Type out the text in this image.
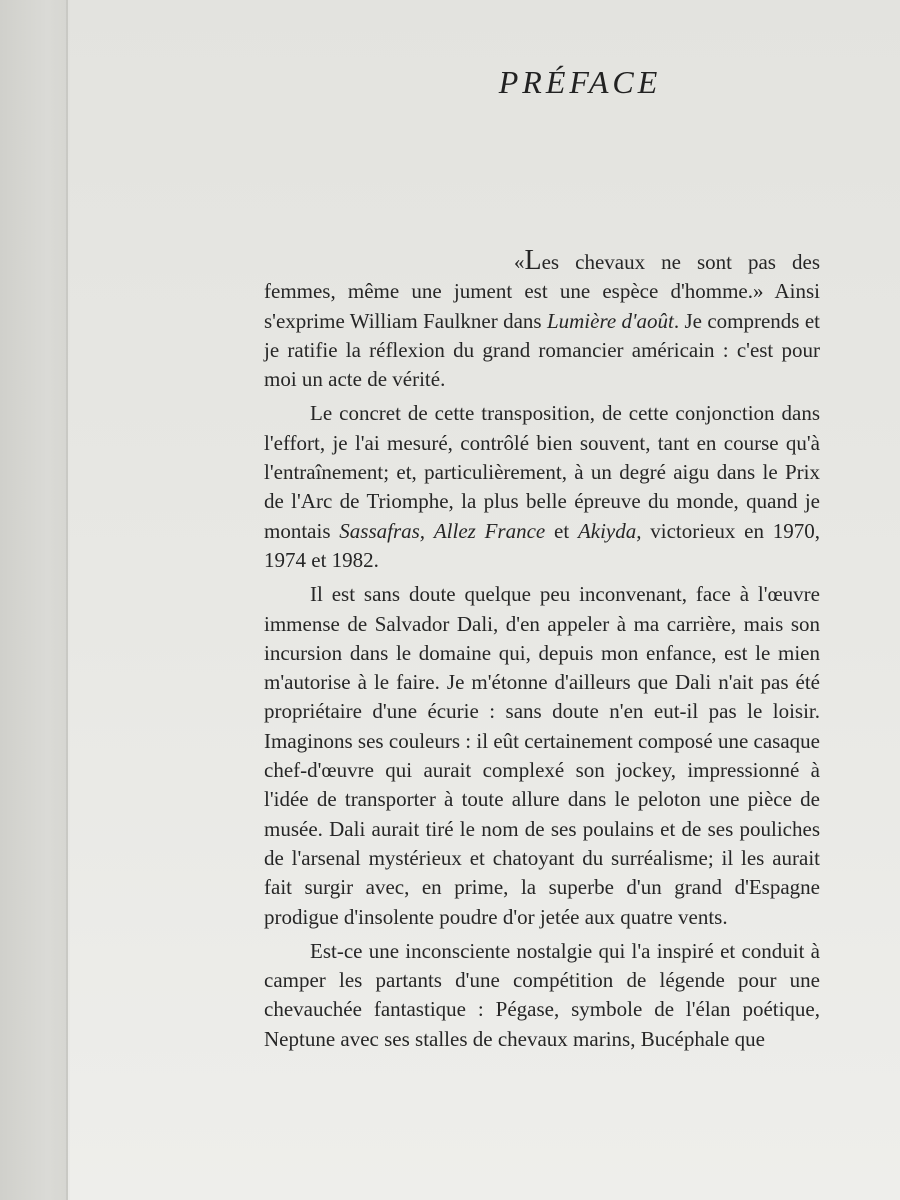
PRÉFACE

«Les chevaux ne sont pas des femmes, même une jument est une espèce d'homme.» Ainsi s'exprime William Faulkner dans Lumière d'août. Je comprends et je ratifie la réflexion du grand romancier américain : c'est pour moi un acte de vérité.

Le concret de cette transposition, de cette conjonction dans l'effort, je l'ai mesuré, contrôlé bien souvent, tant en course qu'à l'entraînement; et, particulièrement, à un degré aigu dans le Prix de l'Arc de Triomphe, la plus belle épreuve du monde, quand je montais Sassafras, Allez France et Akiyda, victorieux en 1970, 1974 et 1982.

Il est sans doute quelque peu inconvenant, face à l'œuvre immense de Salvador Dali, d'en appeler à ma carrière, mais son incursion dans le domaine qui, depuis mon enfance, est le mien m'autorise à le faire. Je m'étonne d'ailleurs que Dali n'ait pas été propriétaire d'une écurie : sans doute n'en eut-il pas le loisir. Imaginons ses couleurs : il eût certainement composé une casaque chef-d'œuvre qui aurait complexé son jockey, impressionné à l'idée de transporter à toute allure dans le peloton une pièce de musée. Dali aurait tiré le nom de ses poulains et de ses pouliches de l'arsenal mystérieux et chatoyant du surréalisme; il les aurait fait surgir avec, en prime, la superbe d'un grand d'Espagne prodigue d'insolente poudre d'or jetée aux quatre vents.

Est-ce une inconsciente nostalgie qui l'a inspiré et conduit à camper les partants d'une compétition de légende pour une chevauchée fantastique : Pégase, symbole de l'élan poétique, Neptune avec ses stalles de chevaux marins, Bucéphale que
